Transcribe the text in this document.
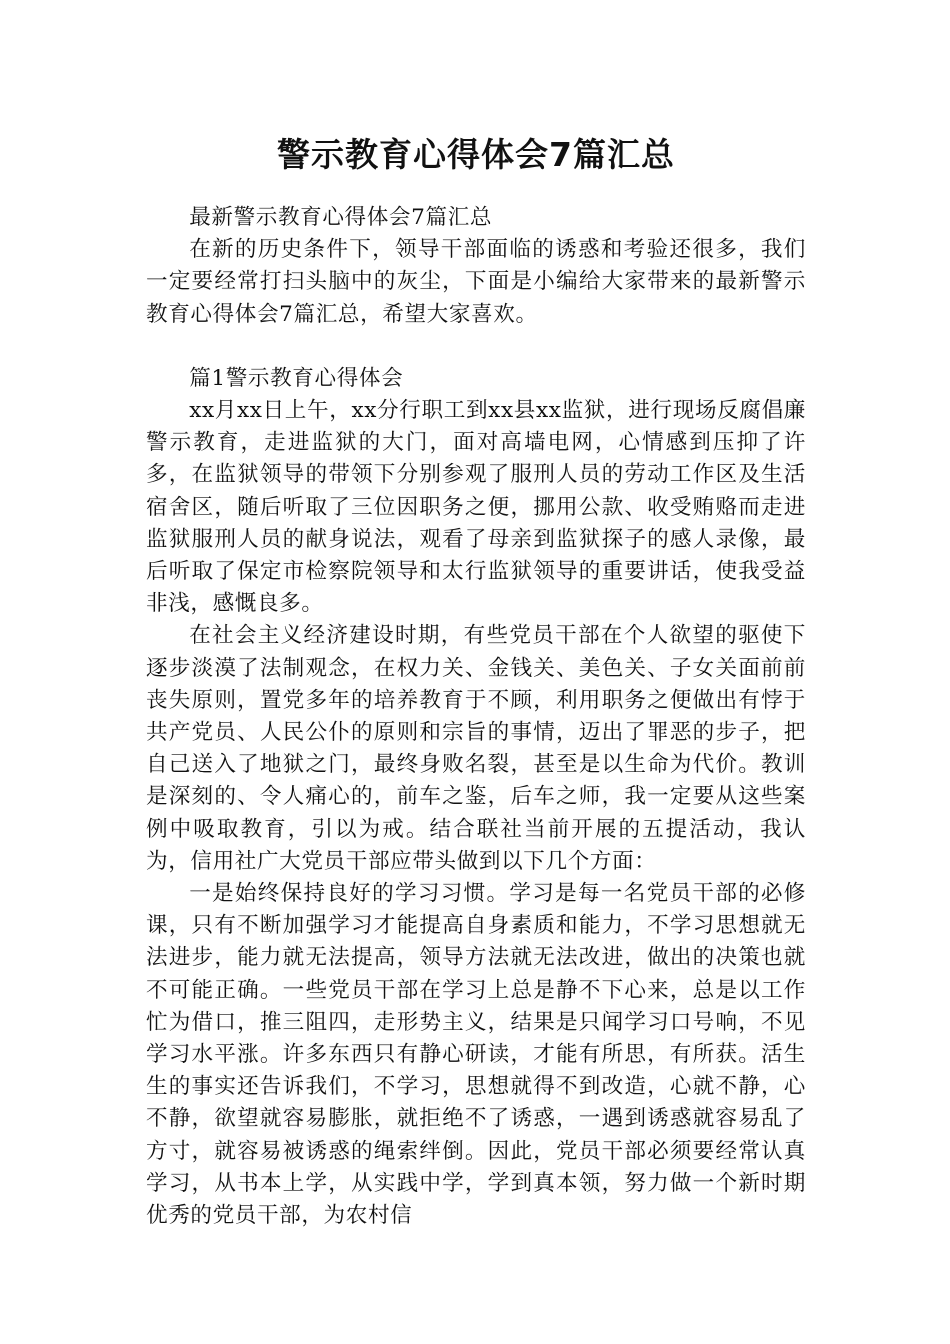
警示教育心得体会7篇汇总

最新警示教育心得体会7篇汇总

在新的历史条件下，领导干部面临的诱惑和考验还很多，我们一定要经常打扫头脑中的灰尘，下面是小编给大家带来的最新警示教育心得体会7篇汇总，希望大家喜欢。

篇1警示教育心得体会

xx月xx日上午，xx分行职工到xx县xx监狱，进行现场反腐倡廉警示教育，走进监狱的大门，面对高墙电网，心情感到压抑了许多，在监狱领导的带领下分别参观了服刑人员的劳动工作区及生活宿舍区，随后听取了三位因职务之便，挪用公款、收受贿赂而走进监狱服刑人员的献身说法，观看了母亲到监狱探子的感人录像，最后听取了保定市检察院领导和太行监狱领导的重要讲话，使我受益非浅，感慨良多。

在社会主义经济建设时期，有些党员干部在个人欲望的驱使下逐步淡漠了法制观念，在权力关、金钱关、美色关、子女关面前前丧失原则，置党多年的培养教育于不顾，利用职务之便做出有悖于共产党员、人民公仆的原则和宗旨的事情，迈出了罪恶的步子，把自己送入了地狱之门，最终身败名裂，甚至是以生命为代价。教训是深刻的、令人痛心的，前车之鉴，后车之师，我一定要从这些案例中吸取教育，引以为戒。结合联社当前开展的五提活动，我认为，信用社广大党员干部应带头做到以下几个方面：

一是始终保持良好的学习习惯。学习是每一名党员干部的必修课，只有不断加强学习才能提高自身素质和能力，不学习思想就无法进步，能力就无法提高，领导方法就无法改进，做出的决策也就不可能正确。一些党员干部在学习上总是静不下心来，总是以工作忙为借口，推三阻四，走形势主义，结果是只闻学习口号响，不见学习水平涨。许多东西只有静心研读，才能有所思，有所获。活生生的事实还告诉我们，不学习，思想就得不到改造，心就不静，心不静，欲望就容易膨胀，就拒绝不了诱惑，一遇到诱惑就容易乱了方寸，就容易被诱惑的绳索绊倒。因此，党员干部必须要经常认真学习，从书本上学，从实践中学，学到真本领，努力做一个新时期优秀的党员干部，为农村信
